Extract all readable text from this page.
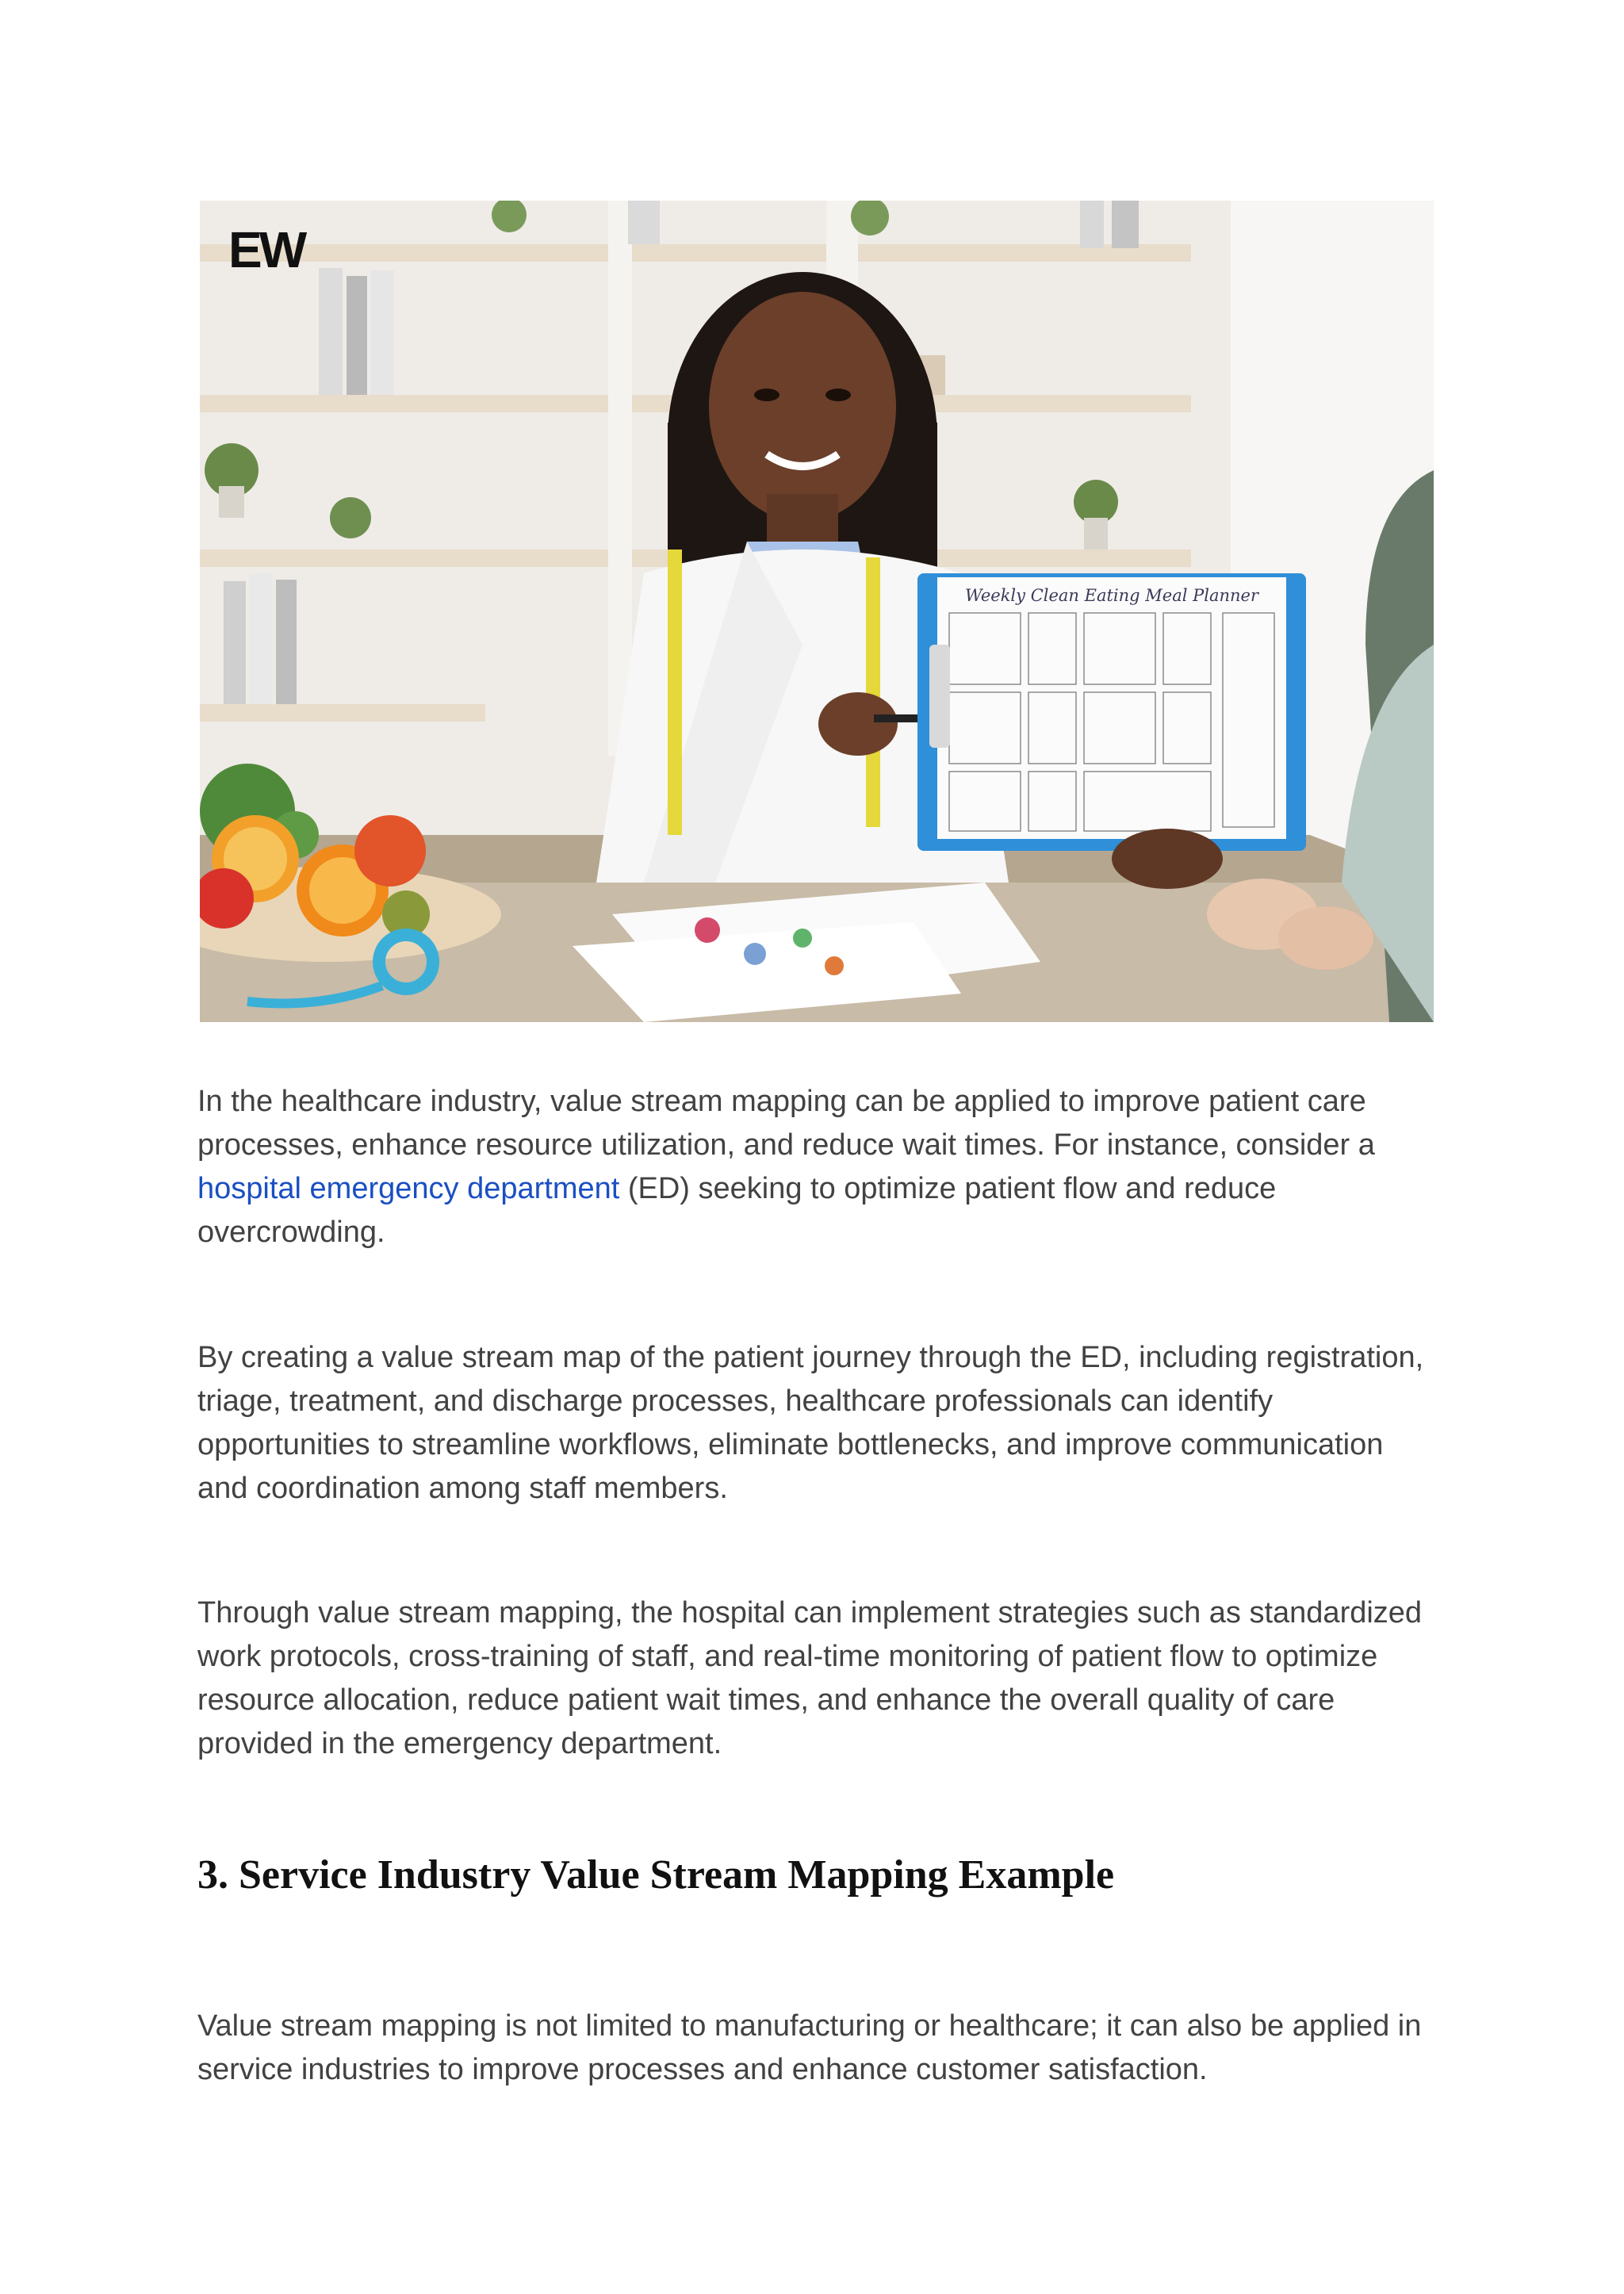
Weekly Clean Eating Meal Planner
EW

In the healthcare industry, value stream mapping can be applied to improve patient care processes, enhance resource utilization, and reduce wait times. For instance, consider a hospital emergency department (ED) seeking to optimize patient flow and reduce overcrowding.

By creating a value stream map of the patient journey through the ED, including registration, triage, treatment, and discharge processes, healthcare professionals can identify opportunities to streamline workflows, eliminate bottlenecks, and improve communication and coordination among staff members.

Through value stream mapping, the hospital can implement strategies such as standardized work protocols, cross-training of staff, and real-time monitoring of patient flow to optimize resource allocation, reduce patient wait times, and enhance the overall quality of care provided in the emergency department.

3. Service Industry Value Stream Mapping Example

Value stream mapping is not limited to manufacturing or healthcare; it can also be applied in service industries to improve processes and enhance customer satisfaction.
